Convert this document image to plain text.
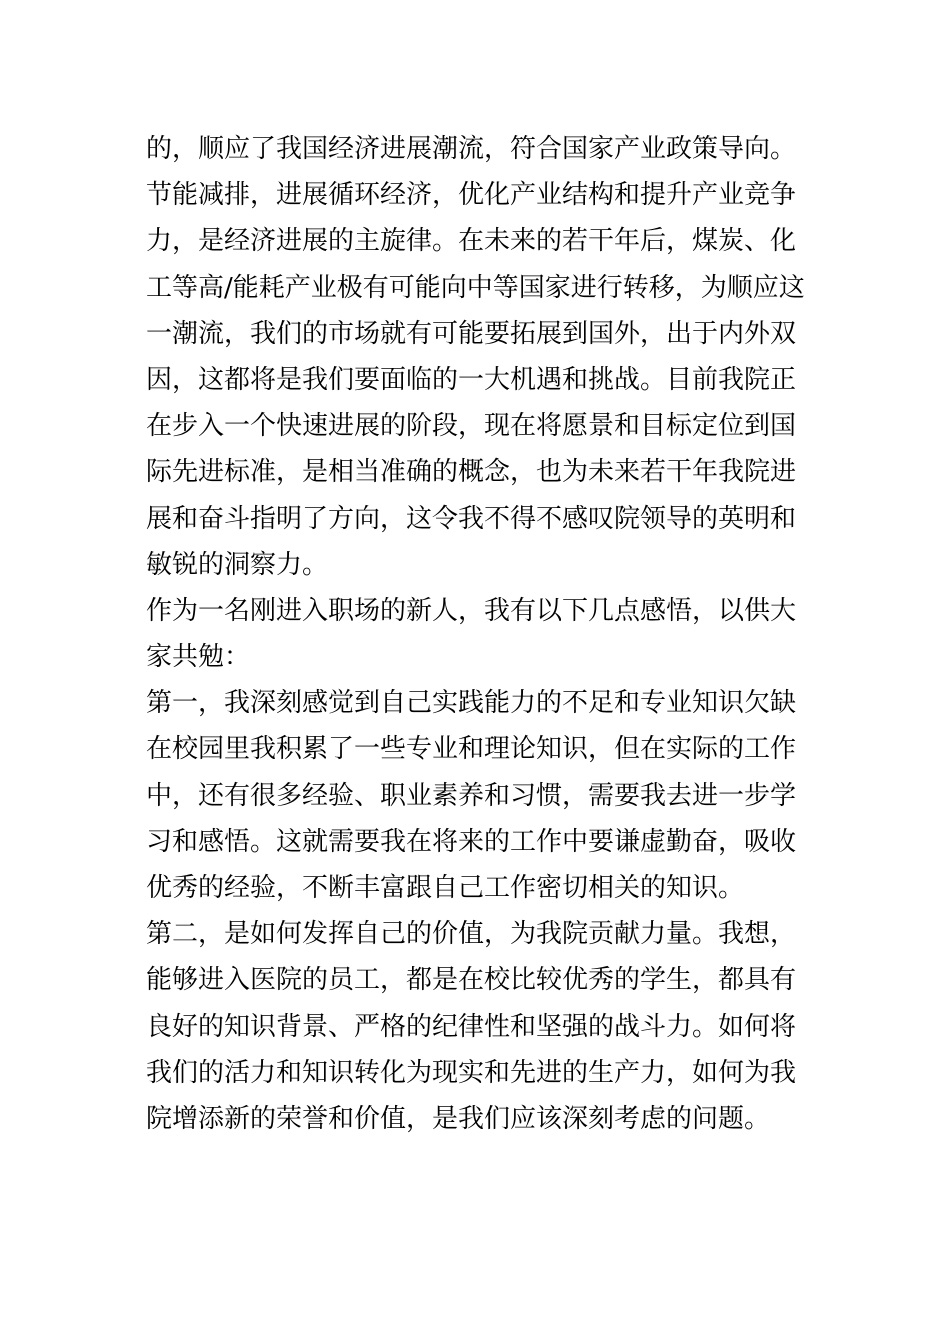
的，顺应了我国经济进展潮流，符合国家产业政策导向。
节能减排，进展循环经济，优化产业结构和提升产业竞争
力，是经济进展的主旋律。在未来的若干年后，煤炭、化
工等高/能耗产业极有可能向中等国家进行转移，为顺应这
一潮流，我们的市场就有可能要拓展到国外，出于内外双
因，这都将是我们要面临的一大机遇和挑战。目前我院正
在步入一个快速进展的阶段，现在将愿景和目标定位到国
际先进标准，是相当准确的概念，也为未来若干年我院进
展和奋斗指明了方向，这令我不得不感叹院领导的英明和
敏锐的洞察力。
作为一名刚进入职场的新人，我有以下几点感悟，以供大
家共勉：
第一，我深刻感觉到自己实践能力的不足和专业知识欠缺
在校园里我积累了一些专业和理论知识，但在实际的工作
中，还有很多经验、职业素养和习惯，需要我去进一步学
习和感悟。这就需要我在将来的工作中要谦虚勤奋，吸收
优秀的经验，不断丰富跟自己工作密切相关的知识。
第二，是如何发挥自己的价值，为我院贡献力量。我想，
能够进入医院的员工，都是在校比较优秀的学生，都具有
良好的知识背景、严格的纪律性和坚强的战斗力。如何将
我们的活力和知识转化为现实和先进的生产力，如何为我
院增添新的荣誉和价值，是我们应该深刻考虑的问题。
